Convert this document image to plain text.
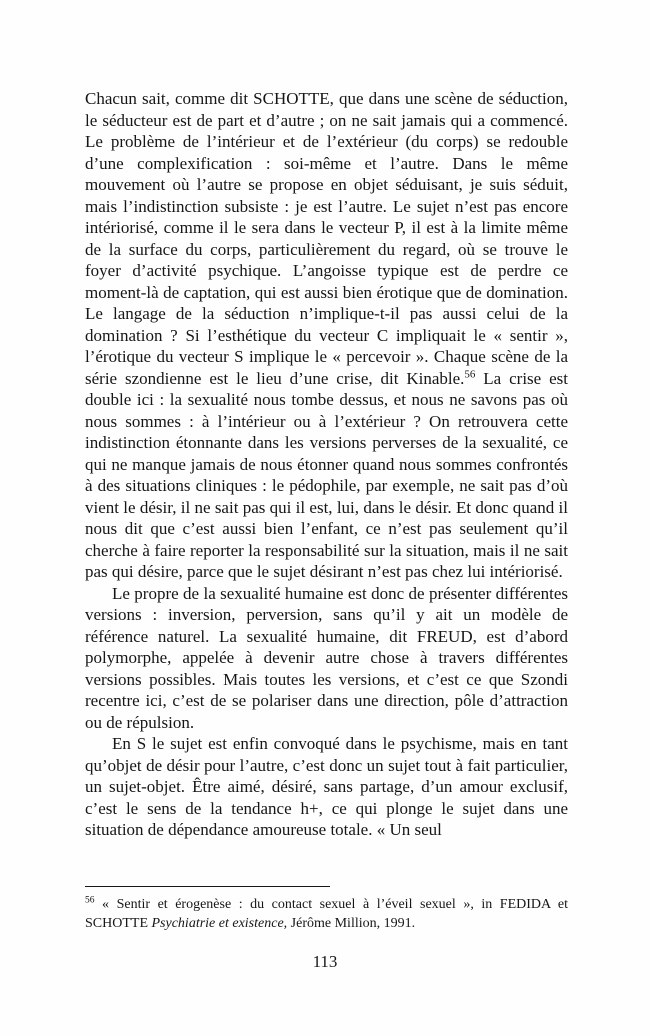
Chacun sait, comme dit SCHOTTE, que dans une scène de séduction, le séducteur est de part et d’autre ; on ne sait jamais qui a commencé. Le problème de l’intérieur et de l’extérieur (du corps) se redouble d’une complexification : soi-même et l’autre. Dans le même mouvement où l’autre se propose en objet séduisant, je suis séduit, mais l’indistinction subsiste : je est l’autre. Le sujet n’est pas encore intériorisé, comme il le sera dans le vecteur P, il est à la limite même de la surface du corps, particulièrement du regard, où se trouve le foyer d’activité psychique. L’angoisse typique est de perdre ce moment-là de captation, qui est aussi bien érotique que de domination. Le langage de la séduction n’implique-t-il pas aussi celui de la domination ? Si l’esthétique du vecteur C impliquait le « sentir », l’érotique du vecteur S implique le « percevoir ». Chaque scène de la série szondienne est le lieu d’une crise, dit Kinable.$^{56}$ La crise est double ici : la sexualité nous tombe dessus, et nous ne savons pas où nous sommes : à l’intérieur ou à l’extérieur ? On retrouvera cette indistinction étonnante dans les versions perverses de la sexualité, ce qui ne manque jamais de nous étonner quand nous sommes confrontés à des situations cliniques : le pédophile, par exemple, ne sait pas d’où vient le désir, il ne sait pas qui il est, lui, dans le désir. Et donc quand il nous dit que c’est aussi bien l’enfant, ce n’est pas seulement qu’il cherche à faire reporter la responsabilité sur la situation, mais il ne sait pas qui désire, parce que le sujet désirant n’est pas chez lui intériorisé.

Le propre de la sexualité humaine est donc de présenter différentes versions : inversion, perversion, sans qu’il y ait un modèle de référence naturel. La sexualité humaine, dit FREUD, est d’abord polymorphe, appelée à devenir autre chose à travers différentes versions possibles. Mais toutes les versions, et c’est ce que Szondi recentre ici, c’est de se polariser dans une direction, pôle d’attraction ou de répulsion.

En S le sujet est enfin convoqué dans le psychisme, mais en tant qu’objet de désir pour l’autre, c’est donc un sujet tout à fait particulier, un sujet-objet. Être aimé, désiré, sans partage, d’un amour exclusif, c’est le sens de la tendance h+, ce qui plonge le sujet dans une situation de dépendance amoureuse totale. « Un seul

$^{56}$ « Sentir et érogenèse : du contact sexuel à l’éveil sexuel », in FEDIDA et SCHOTTE Psychiatrie et existence, Jérôme Million, 1991.
113
